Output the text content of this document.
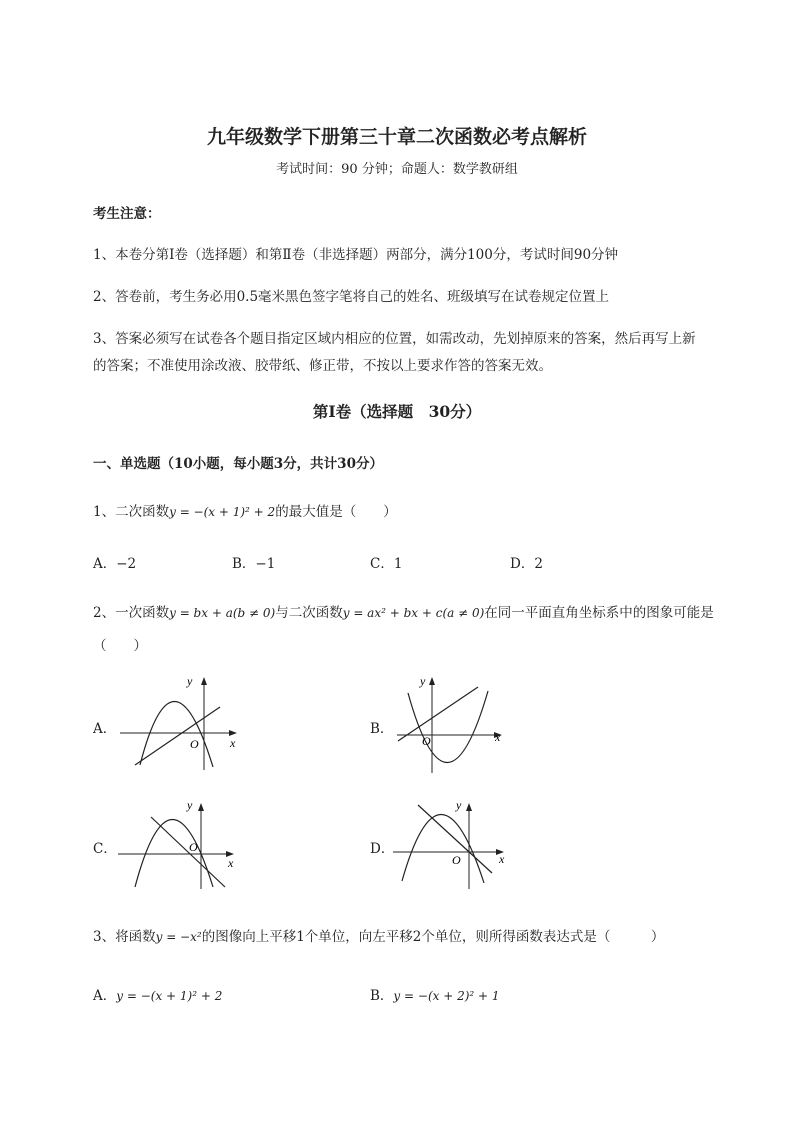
九年级数学下册第三十章二次函数必考点解析
考试时间：90 分钟；命题人：数学教研组
考生注意：
1、本卷分第Ⅰ卷（选择题）和第Ⅱ卷（非选择题）两部分，满分100分，考试时间90分钟
2、答卷前，考生务必用0.5毫米黑色签字笔将自己的姓名、班级填写在试卷规定位置上
3、答案必须写在试卷各个题目指定区域内相应的位置，如需改动，先划掉原来的答案，然后再写上新
的答案；不准使用涂改液、胶带纸、修正带，不按以上要求作答的答案无效。
第Ⅰ卷（选择题　30分）
一、单选题（10小题，每小题3分，共计30分）
1、二次函数y = −(x + 1)² + 2的最大值是（　　）
A．−2	B．−1	C．1	D．2
2、一次函数y = bx + a(b ≠ 0)与二次函数y = ax² + bx + c(a ≠ 0)在同一平面直角坐标系中的图象可能是
（　　）
A．	B．
C．	D．
y
x
O
y
x
O
y
x
O
y
x
O
3、将函数y = −x²的图像向上平移1个单位，向左平移2个单位，则所得函数表达式是（　　　）
A．y = −(x + 1)² + 2	B．y = −(x + 2)² + 1
